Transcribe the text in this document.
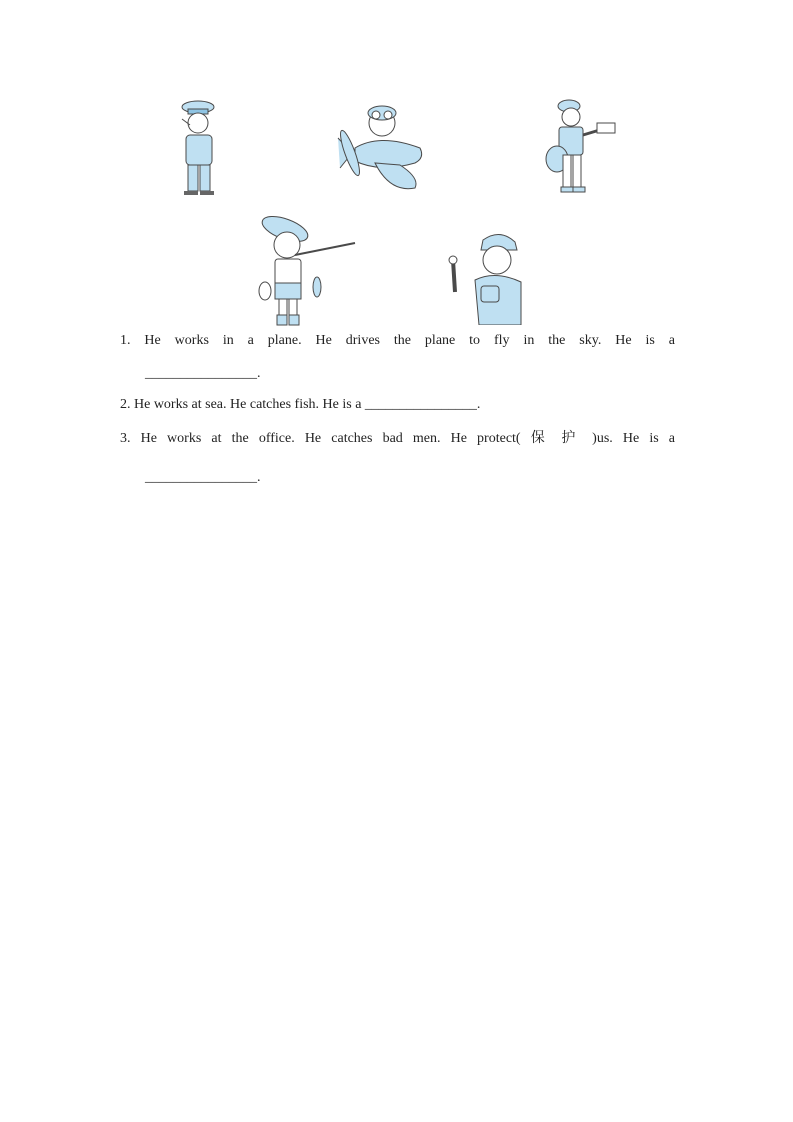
1. He works in a plane. He drives the plane to fly in the sky. He is a
________________.
2. He works at sea. He catches fish. He is a ________________.
3. He works at the office. He catches bad men. He protect( 保 护 )us. He is a
________________.
